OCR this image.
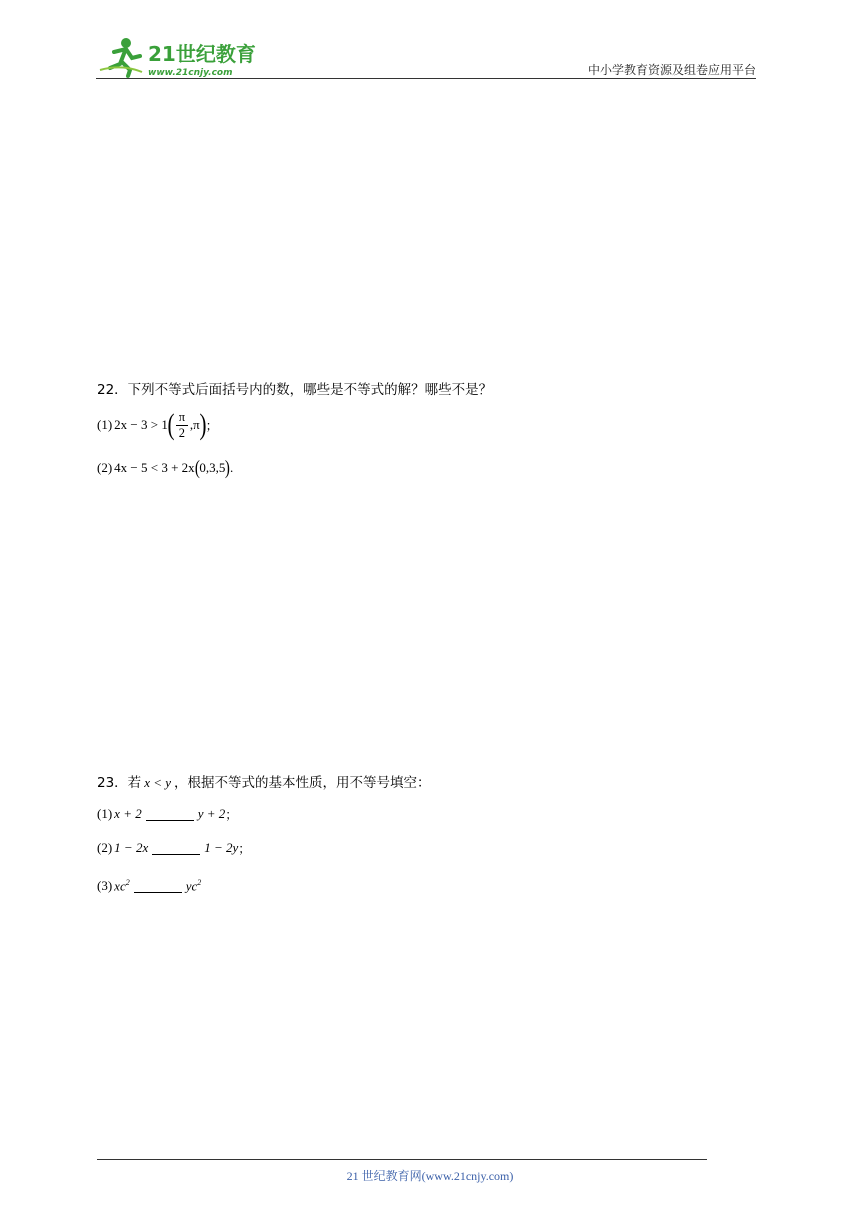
21世纪教育
www.21cnjy.com	中小学教育资源及组卷应用平台
22．下列不等式后面括号内的数，哪些是不等式的解？哪些不是？
(1) 2x − 3 > 1 ( $\frac{\pi}{2} ,\pi$ ) ；
(2) 4x − 5 < 3 + 2x ( 0,3,5 ) .
23．若 x < y ，根据不等式的基本性质，用不等号填空：
(1) x + 2	y + 2 ；
(2) 1 − 2x	1 − 2y ；
(3) $xc^2$	$yc^2$
21 世纪教育网(www.21cnjy.com)
